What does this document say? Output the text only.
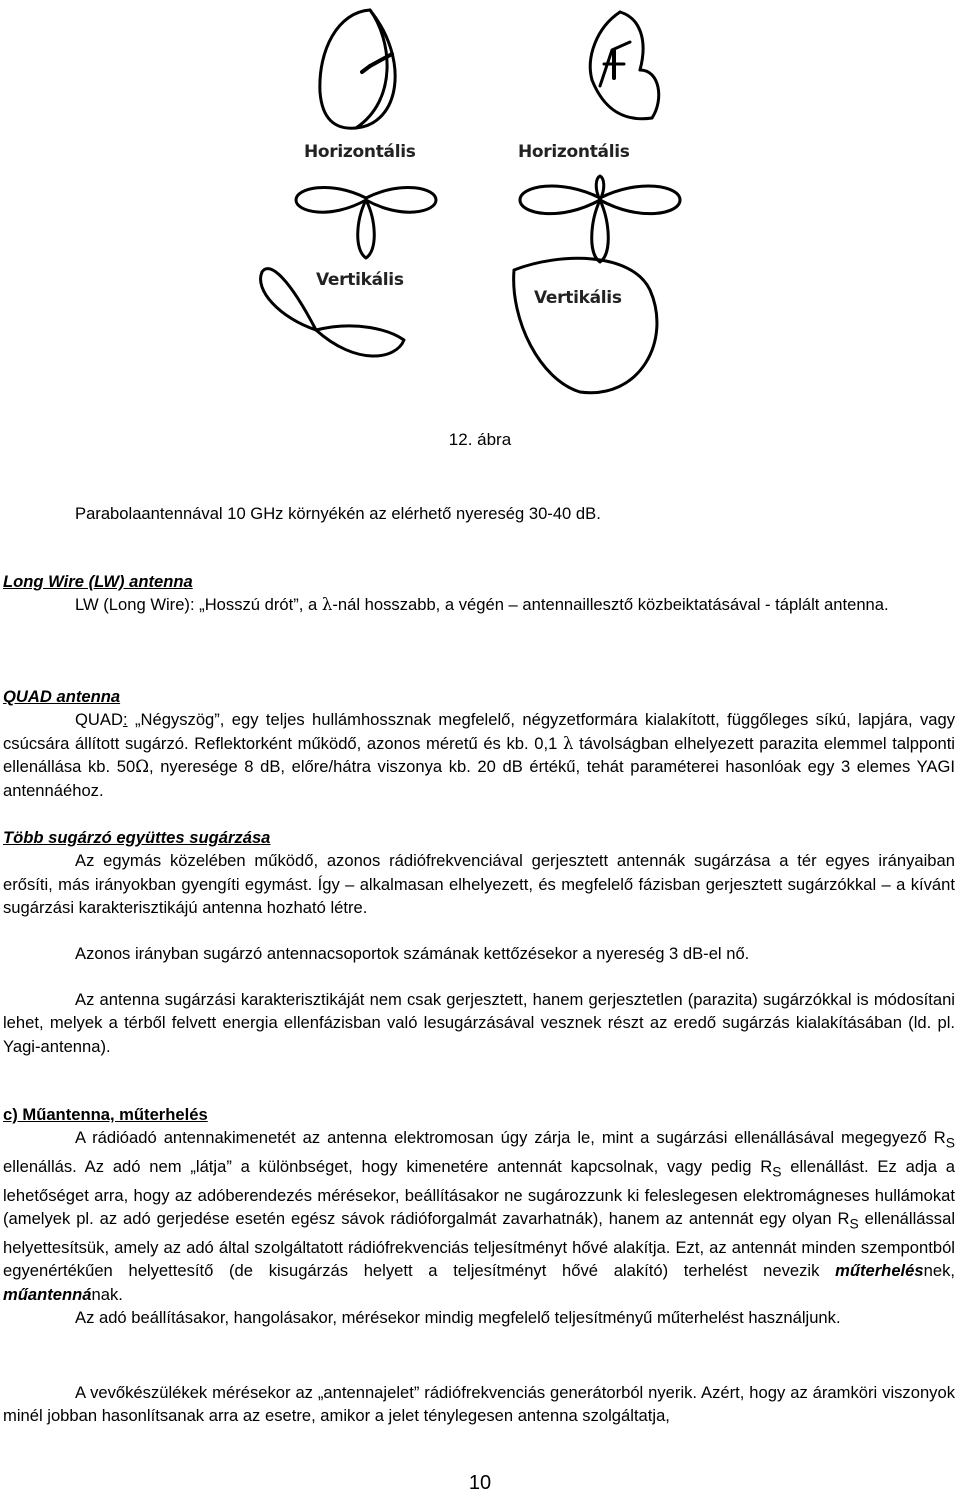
Horizontális	Horizontális
Vertikális
Vertikális
12. ábra

Parabolaantennával 10 GHz környékén az elérhető nyereség 30-40 dB.

Long Wire (LW) antenna

LW (Long Wire): „Hosszú drót”, a λ-nál hosszabb, a végén – antennaillesztő közbeiktatásával - táplált antenna.

QUAD antenna

QUAD: „Négyszög”, egy teljes hullámhossznak megfelelő, négyzetformára kialakított, függőleges síkú, lapjára, vagy csúcsára állított sugárzó. Reflektorként működő, azonos méretű és kb. 0,1 λ távolságban elhelyezett parazita elemmel talpponti ellenállása kb. 50Ω, nyeresége 8 dB, előre/hátra viszonya kb. 20 dB értékű, tehát paraméterei hasonlóak egy 3 elemes YAGI antennáéhoz.

Több sugárzó együttes sugárzása

Az egymás közelében működő, azonos rádiófrekvenciával gerjesztett antennák sugárzása a tér egyes irányaiban erősíti, más irányokban gyengíti egymást. Így – alkalmasan elhelyezett, és megfelelő fázisban gerjesztett sugárzókkal – a kívánt sugárzási karakterisztikájú antenna hozható létre.

Azonos irányban sugárzó antennacsoportok számának kettőzésekor a nyereség 3 dB-el nő.

Az antenna sugárzási karakterisztikáját nem csak gerjesztett, hanem gerjesztetlen (parazita) sugárzókkal is módosítani lehet, melyek a térből felvett energia ellenfázisban való lesugárzásával vesznek részt az eredő sugárzás kialakításában (ld. pl. Yagi-antenna).

c) Műantenna, műterhelés

A rádióadó antennakimenetét az antenna elektromosan úgy zárja le, mint a sugárzási ellenállásával megegyező $R_S$ ellenállás. Az adó nem „látja” a különbséget, hogy kimenetére antennát kapcsolnak, vagy pedig $R_S$ ellenállást. Ez adja a lehetőséget arra, hogy az adóberendezés mérésekor, beállításakor ne sugározzunk ki feleslegesen elektromágneses hullámokat (amelyek pl. az adó gerjedése esetén egész sávok rádióforgalmát zavarhatnák), hanem az antennát egy olyan $R_S$ ellenállással helyettesítsük, amely az adó által szolgáltatott rádiófrekvenciás teljesítményt hővé alakítja. Ezt, az antennát minden szempontból egyenértékűen helyettesítő (de kisugárzás helyett a teljesítményt hővé alakító) terhelést nevezik műterhelésnek, műantennának.

Az adó beállításakor, hangolásakor, mérésekor mindig megfelelő teljesítményű műterhelést használjunk.

A vevőkészülékek mérésekor az „antennajelet” rádiófrekvenciás generátorból nyerik. Azért, hogy az áramköri viszonyok minél jobban hasonlítsanak arra az esetre, amikor a jelet ténylegesen antenna szolgáltatja,

10
